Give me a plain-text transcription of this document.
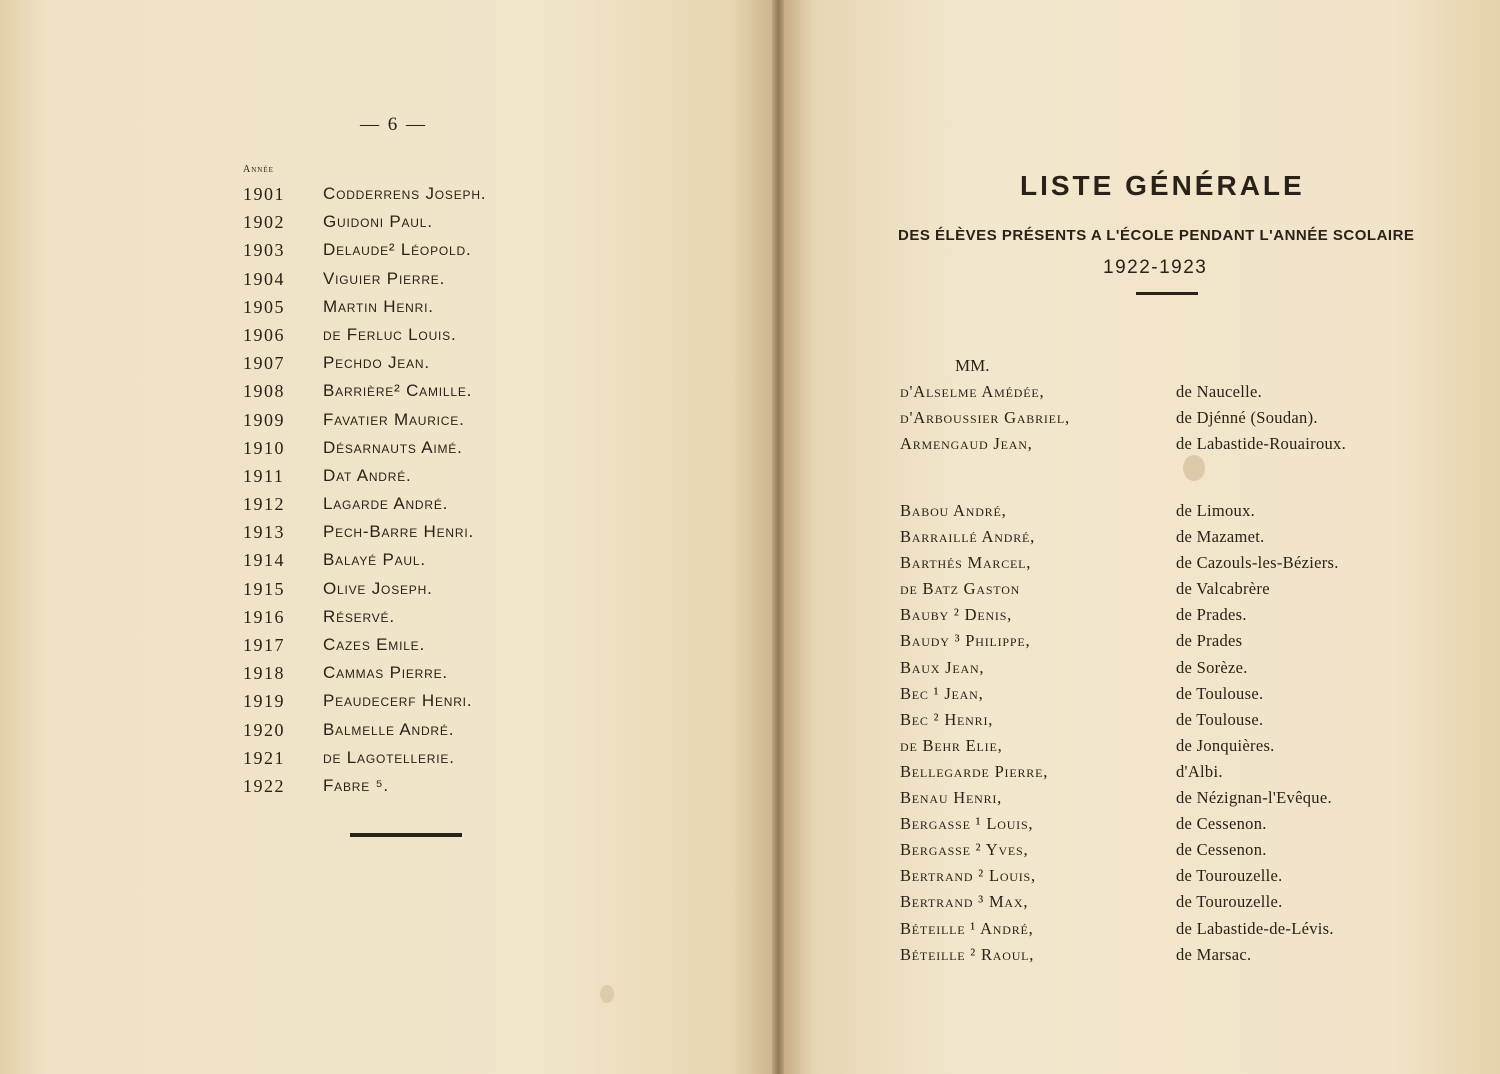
— 6 —
Année
1901	Codderrens Joseph.
1902	Guidoni Paul.
1903	Delaude² Léopold.
1904	Viguier Pierre.
1905	Martin Henri.
1906	de Ferluc Louis.
1907	Pechdo Jean.
1908	Barrière² Camille.
1909	Favatier Maurice.
1910	Désarnauts Aimé.
1911	Dat André.
1912	Lagarde André.
1913	Pech-Barre Henri.
1914	Balayé Paul.
1915	Olive Joseph.
1916	Réservé.
1917	Cazes Emile.
1918	Cammas Pierre.
1919	Peaudecerf Henri.
1920	Balmelle André.
1921	de Lagotellerie.
1922	Fabre ⁵.
LISTE GÉNÉRALE
DES ÉLÈVES PRÉSENTS A L'ÉCOLE PENDANT L'ANNÉE SCOLAIRE
1922-1923
MM.
d'Alselme Amédée,	de Naucelle.
d'Arboussier Gabriel,	de Djénné (Soudan).
Armengaud Jean,	de Labastide-Rouairoux.
Babou André,	de Limoux.
Barraillé André,	de Mazamet.
Barthés Marcel,	de Cazouls-les-Béziers.
de Batz Gaston	de Valcabrère
Bauby ² Denis,	de Prades.
Baudy ³ Philippe,	de Prades
Baux Jean,	de Sorèze.
Bec ¹ Jean,	de Toulouse.
Bec ² Henri,	de Toulouse.
de Behr Elie,	de Jonquières.
Bellegarde Pierre,	d'Albi.
Benau Henri,	de Nézignan-l'Evêque.
Bergasse ¹ Louis,	de Cessenon.
Bergasse ² Yves,	de Cessenon.
Bertrand ² Louis,	de Tourouzelle.
Bertrand ³ Max,	de Tourouzelle.
Béteille ¹ André,	de Labastide-de-Lévis.
Béteille ² Raoul,	de Marsac.
